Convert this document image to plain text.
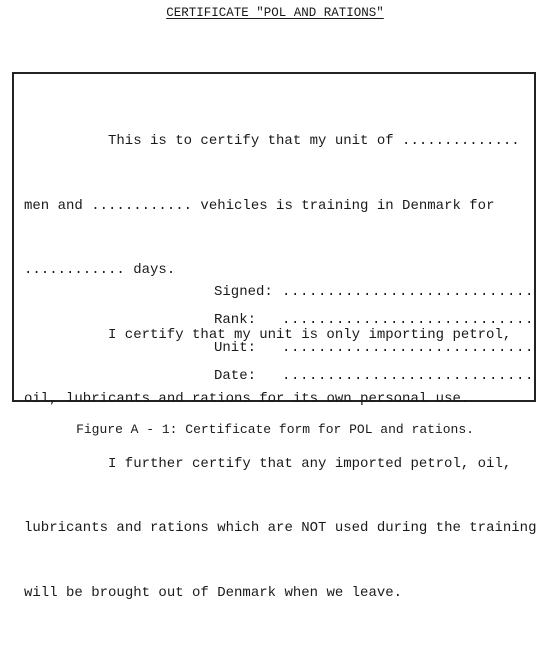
CERTIFICATE "POL AND RATIONS"

This is to certify that my unit of ..............

men and ............ vehicles is training in Denmark for

............ days.

I certify that my unit is only importing petrol,

oil, lubricants and rations for its own personal use.

I further certify that any imported petrol, oil,

lubricants and rations which are NOT used during the training

will be brought out of Denmark when we leave.

Signed: ............................
Rank:	............................
Unit:	............................
Date:	............................
Figure A - 1: Certificate form for POL and rations.
